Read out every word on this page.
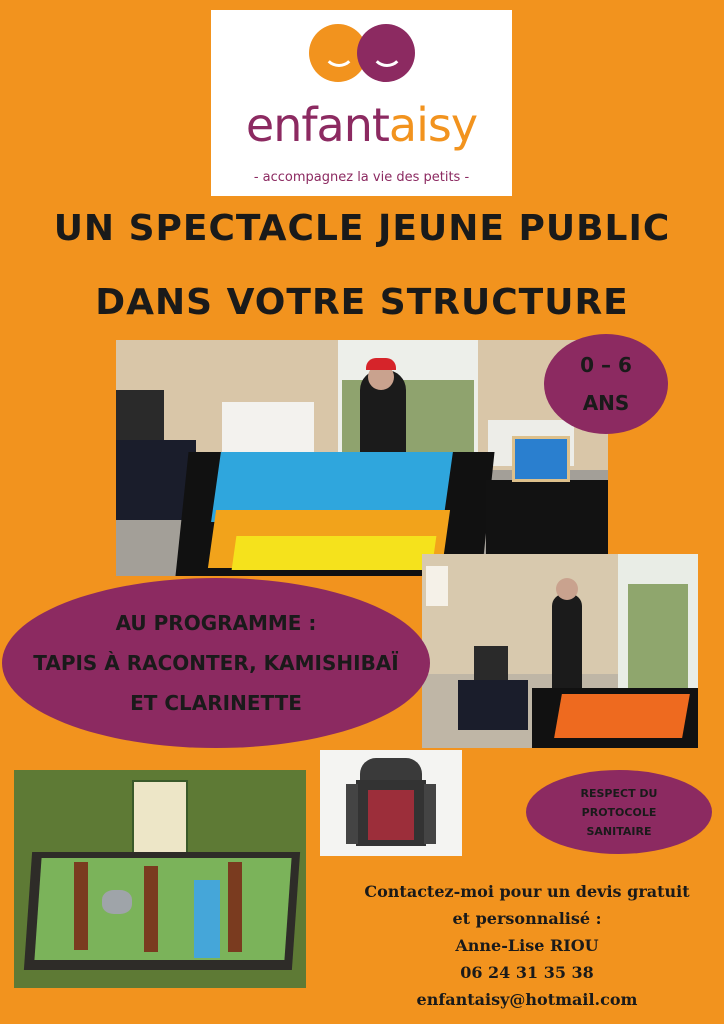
enfantaisy
- accompagnez la vie des petits -
UN SPECTACLE JEUNE PUBLIC
DANS VOTRE STRUCTURE
0 – 6
ANS
AU PROGRAMME :
TAPIS À RACONTER, KAMISHIBAÏ
ET CLARINETTE
RESPECT DU
PROTOCOLE
SANITAIRE
Contactez-moi pour un devis gratuit
et personnalisé :
Anne-Lise RIOU
06 24 31 35 38
enfantaisy@hotmail.com
